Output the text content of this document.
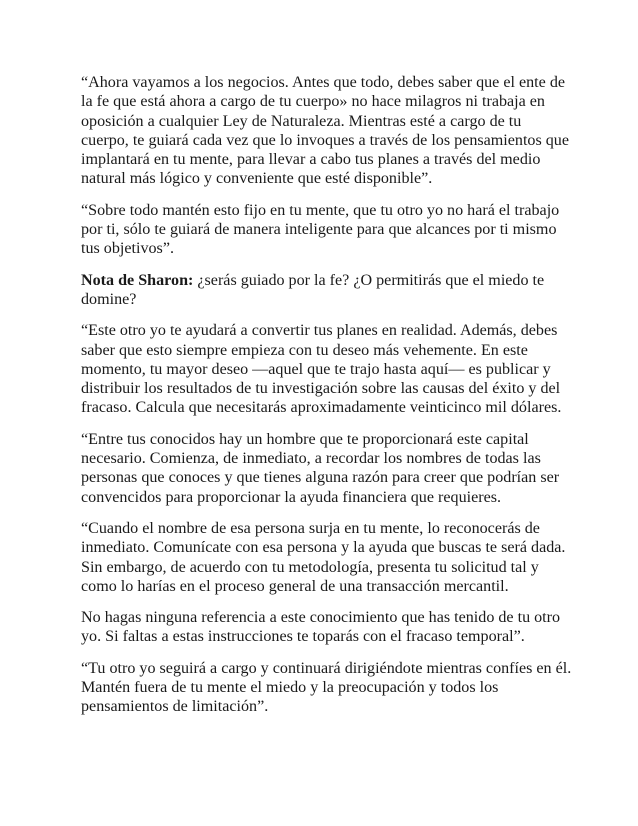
“Ahora vayamos a los negocios. Antes que todo, debes saber que el ente de
la fe que está ahora a cargo de tu cuerpo» no hace milagros ni trabaja en
oposición a cualquier Ley de Naturaleza. Mientras esté a cargo de tu
cuerpo, te guiará cada vez que lo invoques a través de los pensamientos que
implantará en tu mente, para llevar a cabo tus planes a través del medio
natural más lógico y conveniente que esté disponible”.

“Sobre todo mantén esto fijo en tu mente, que tu otro yo no hará el trabajo
por ti, sólo te guiará de manera inteligente para que alcances por ti mismo
tus objetivos”.

Nota de Sharon: ¿serás guiado por la fe? ¿O permitirás que el miedo te
domine?

“Este otro yo te ayudará a convertir tus planes en realidad. Además, debes
saber que esto siempre empieza con tu deseo más vehemente. En este
momento, tu mayor deseo —aquel que te trajo hasta aquí— es publicar y
distribuir los resultados de tu investigación sobre las causas del éxito y del
fracaso. Calcula que necesitarás aproximadamente veinticinco mil dólares.

“Entre tus conocidos hay un hombre que te proporcionará este capital
necesario. Comienza, de inmediato, a recordar los nombres de todas las
personas que conoces y que tienes alguna razón para creer que podrían ser
convencidos para proporcionar la ayuda financiera que requieres.

“Cuando el nombre de esa persona surja en tu mente, lo reconocerás de
inmediato. Comunícate con esa persona y la ayuda que buscas te será dada.
Sin embargo, de acuerdo con tu metodología, presenta tu solicitud tal y
como lo harías en el proceso general de una transacción mercantil.

No hagas ninguna referencia a este conocimiento que has tenido de tu otro
yo. Si faltas a estas instrucciones te toparás con el fracaso temporal”.

“Tu otro yo seguirá a cargo y continuará dirigiéndote mientras confíes en él.
Mantén fuera de tu mente el miedo y la preocupación y todos los
pensamientos de limitación”.
